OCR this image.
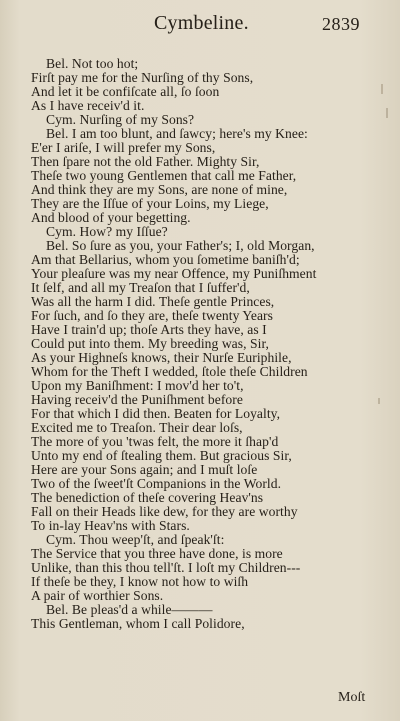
Cymbeline.	2839
Bel. Not too hot;
Firſt pay me for the Nurſing of thy Sons,
And let it be confiſcate all, ſo ſoon
As I have receiv'd it.
Cym. Nurſing of my Sons?
Bel. I am too blunt, and ſawcy; here's my Knee:
E'er I ariſe, I will prefer my Sons,
Then ſpare not the old Father. Mighty Sir,
Theſe two young Gentlemen that call me Father,
And think they are my Sons, are none of mine,
They are the Iſſue of your Loins, my Liege,
And blood of your begetting.
Cym. How? my Iſſue?
Bel. So ſure as you, your Father's; I, old Morgan,
Am that Bellarius, whom you ſometime baniſh'd;
Your pleaſure was my near Offence, my Puniſhment
It ſelf, and all my Treaſon that I ſuffer'd,
Was all the harm I did. Theſe gentle Princes,
For ſuch, and ſo they are, theſe twenty Years
Have I train'd up; thoſe Arts they have, as I
Could put into them. My breeding was, Sir,
As your Highneſs knows, their Nurſe Euriphile,
Whom for the Theft I wedded, ſtole theſe Children
Upon my Baniſhment: I mov'd her to't,
Having receiv'd the Puniſhment before
For that which I did then. Beaten for Loyalty,
Excited me to Treaſon. Their dear loſs,
The more of you 'twas felt, the more it ſhap'd
Unto my end of ſtealing them. But gracious Sir,
Here are your Sons again; and I muſt loſe
Two of the ſweet'ſt Companions in the World.
The benediction of theſe covering Heav'ns
Fall on their Heads like dew, for they are worthy
To in-lay Heav'ns with Stars.
Cym. Thou weep'ſt, and ſpeak'ſt:
The Service that you three have done, is more
Unlike, than this thou tell'ſt. I loſt my Children---
If theſe be they, I know not how to wiſh
A pair of worthier Sons.
Bel. Be pleas'd a while———
This Gentleman, whom I call Polidore,
Moſt
